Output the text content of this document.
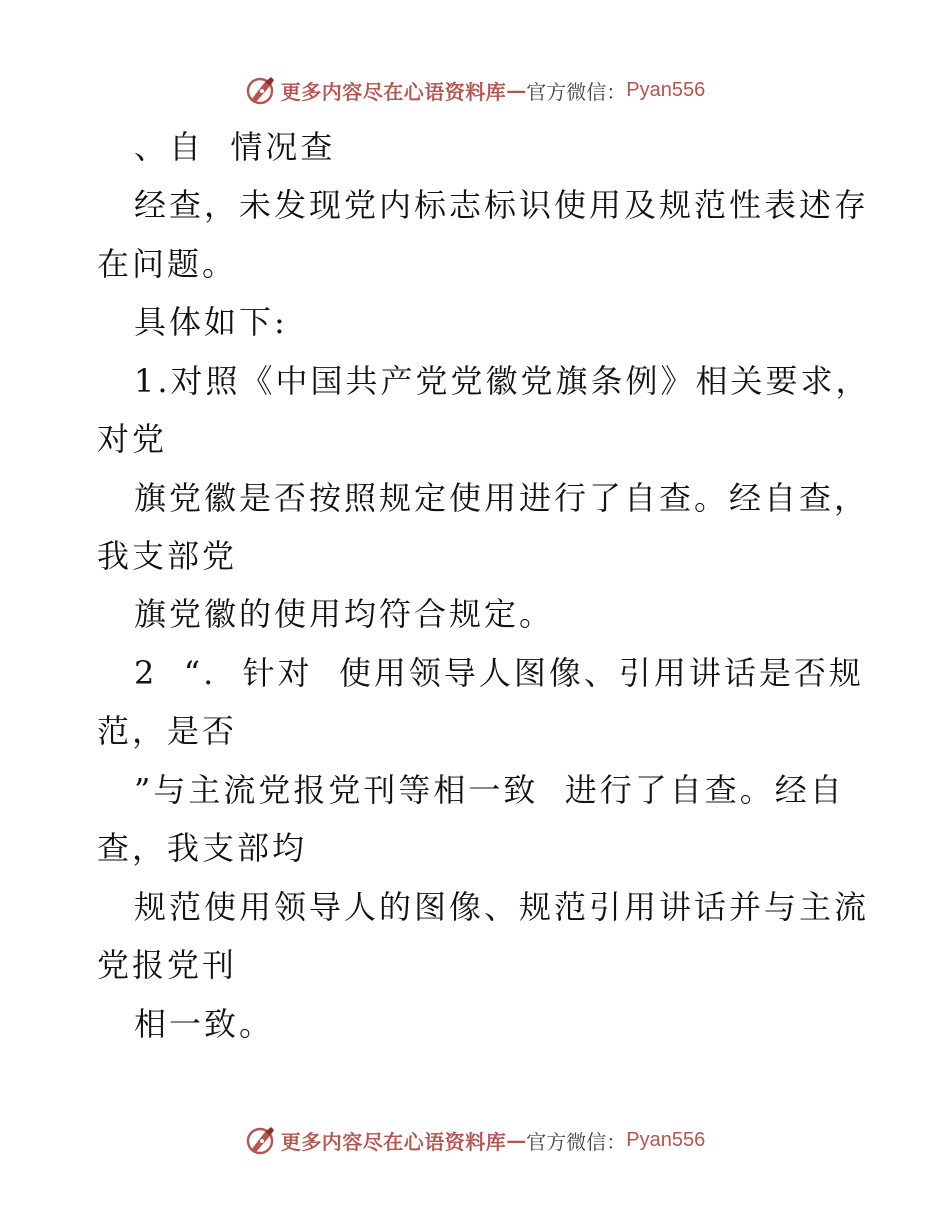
更多内容尽在心语资料库 — 官方微信： Pyan556
、自  情况查
经查，未发现党内标志标识使用及规范性表述存
在问题。
具体如下:
1.对照《中国共产党党徽党旗条例》相关要求，
对党
旗党徽是否按照规定使用进行了自查。经自查，
我支部党
旗党徽的使用均符合规定。
2  “.  针对  使用领导人图像、引用讲话是否规
范，是否
”与主流党报党刊等相一致  进行了自查。经自
查，我支部均
规范使用领导人的图像、规范引用讲话并与主流
党报党刊
相一致。
更多内容尽在心语资料库 — 官方微信： Pyan556
